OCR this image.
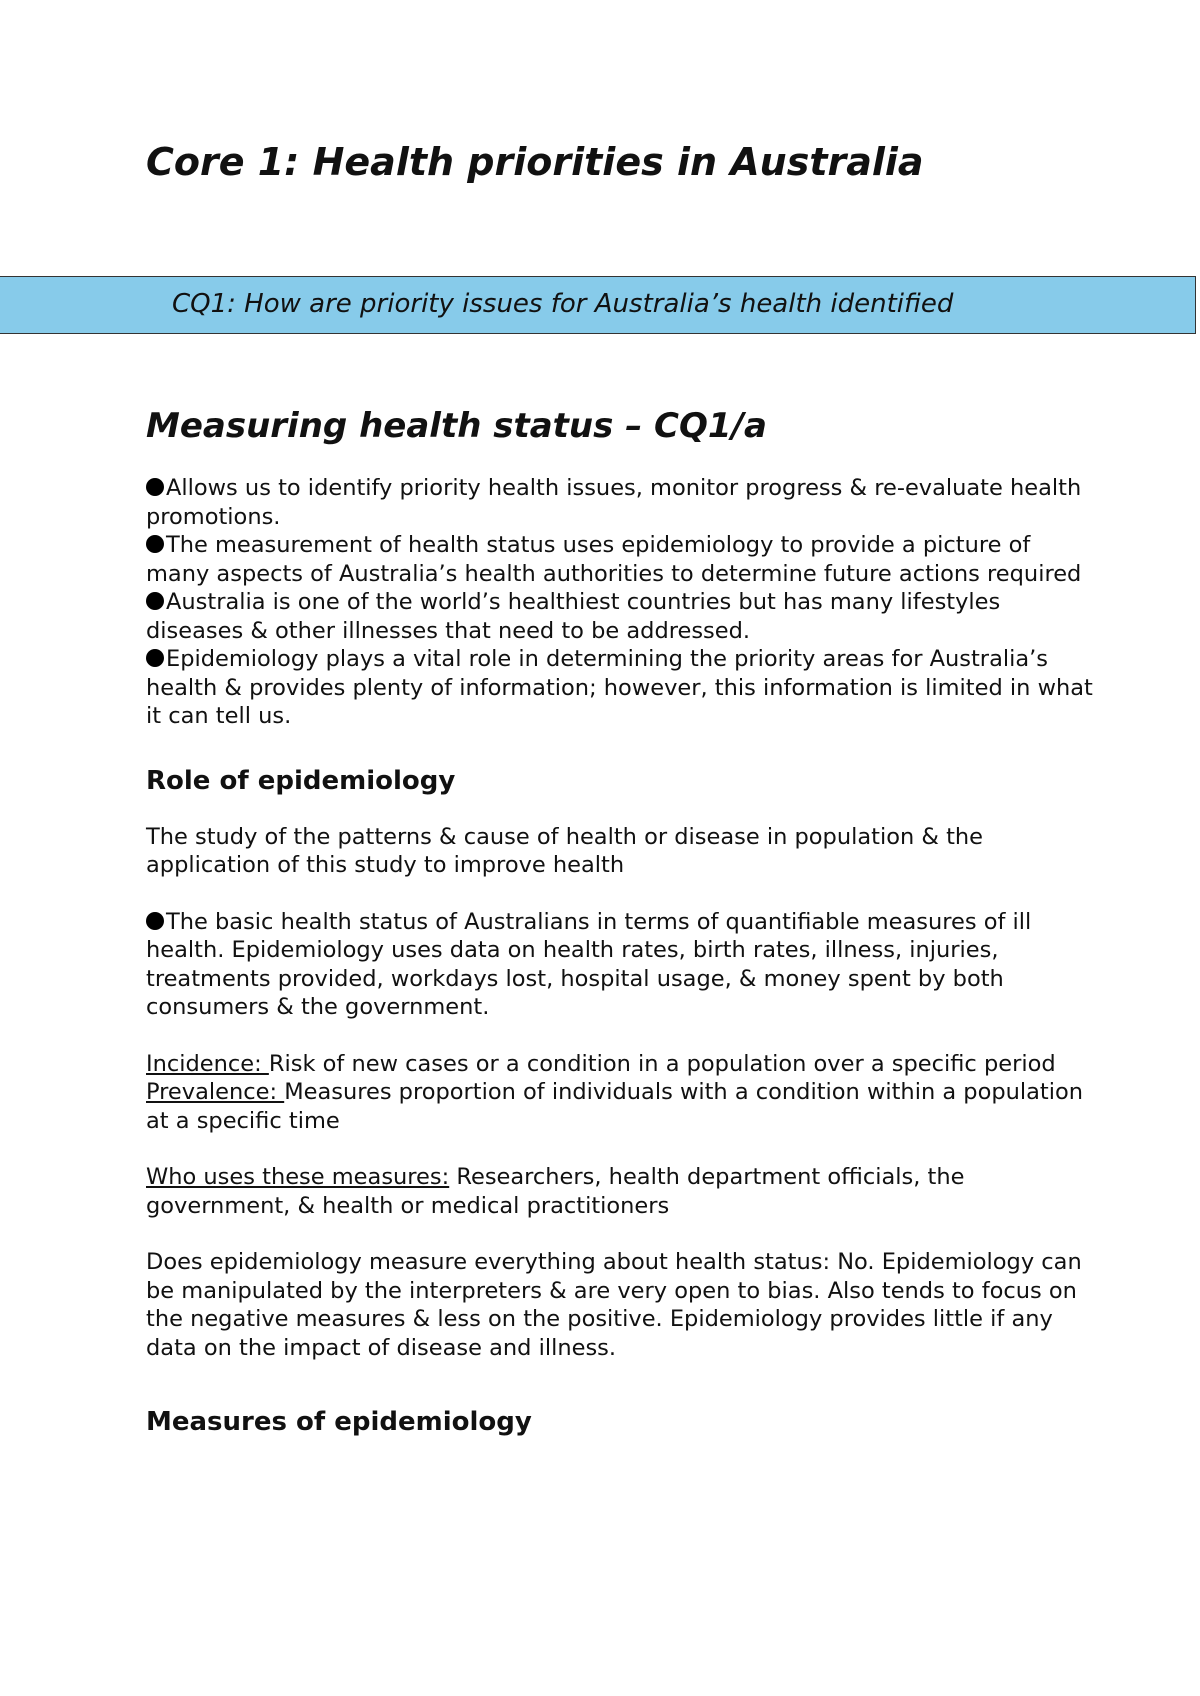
Core 1: Health priorities in Australia
CQ1: How are priority issues for Australia’s health identified
Measuring health status – CQ1/a
Allows us to identify priority health issues, monitor progress & re-evaluate health promotions.
The measurement of health status uses epidemiology to provide a picture of many aspects of Australia’s health authorities to determine future actions required
Australia is one of the world’s healthiest countries but has many lifestyles diseases & other illnesses that need to be addressed.
Epidemiology plays a vital role in determining the priority areas for Australia’s health & provides plenty of information; however, this information is limited in what it can tell us.
Role of epidemiology

The study of the patterns & cause of health or disease in population & the application of this study to improve health

The basic health status of Australians in terms of quantifiable measures of ill health. Epidemiology uses data on health rates, birth rates, illness, injuries, treatments provided, workdays lost, hospital usage, & money spent by both consumers & the government.

Incidence: Risk of new cases or a condition in a population over a specific period

Prevalence: Measures proportion of individuals with a condition within a population at a specific time

Who uses these measures: Researchers, health department officials, the government, & health or medical practitioners

Does epidemiology measure everything about health status: No. Epidemiology can be manipulated by the interpreters & are very open to bias. Also tends to focus on the negative measures & less on the positive. Epidemiology provides little if any data on the impact of disease and illness.

Measures of epidemiology
